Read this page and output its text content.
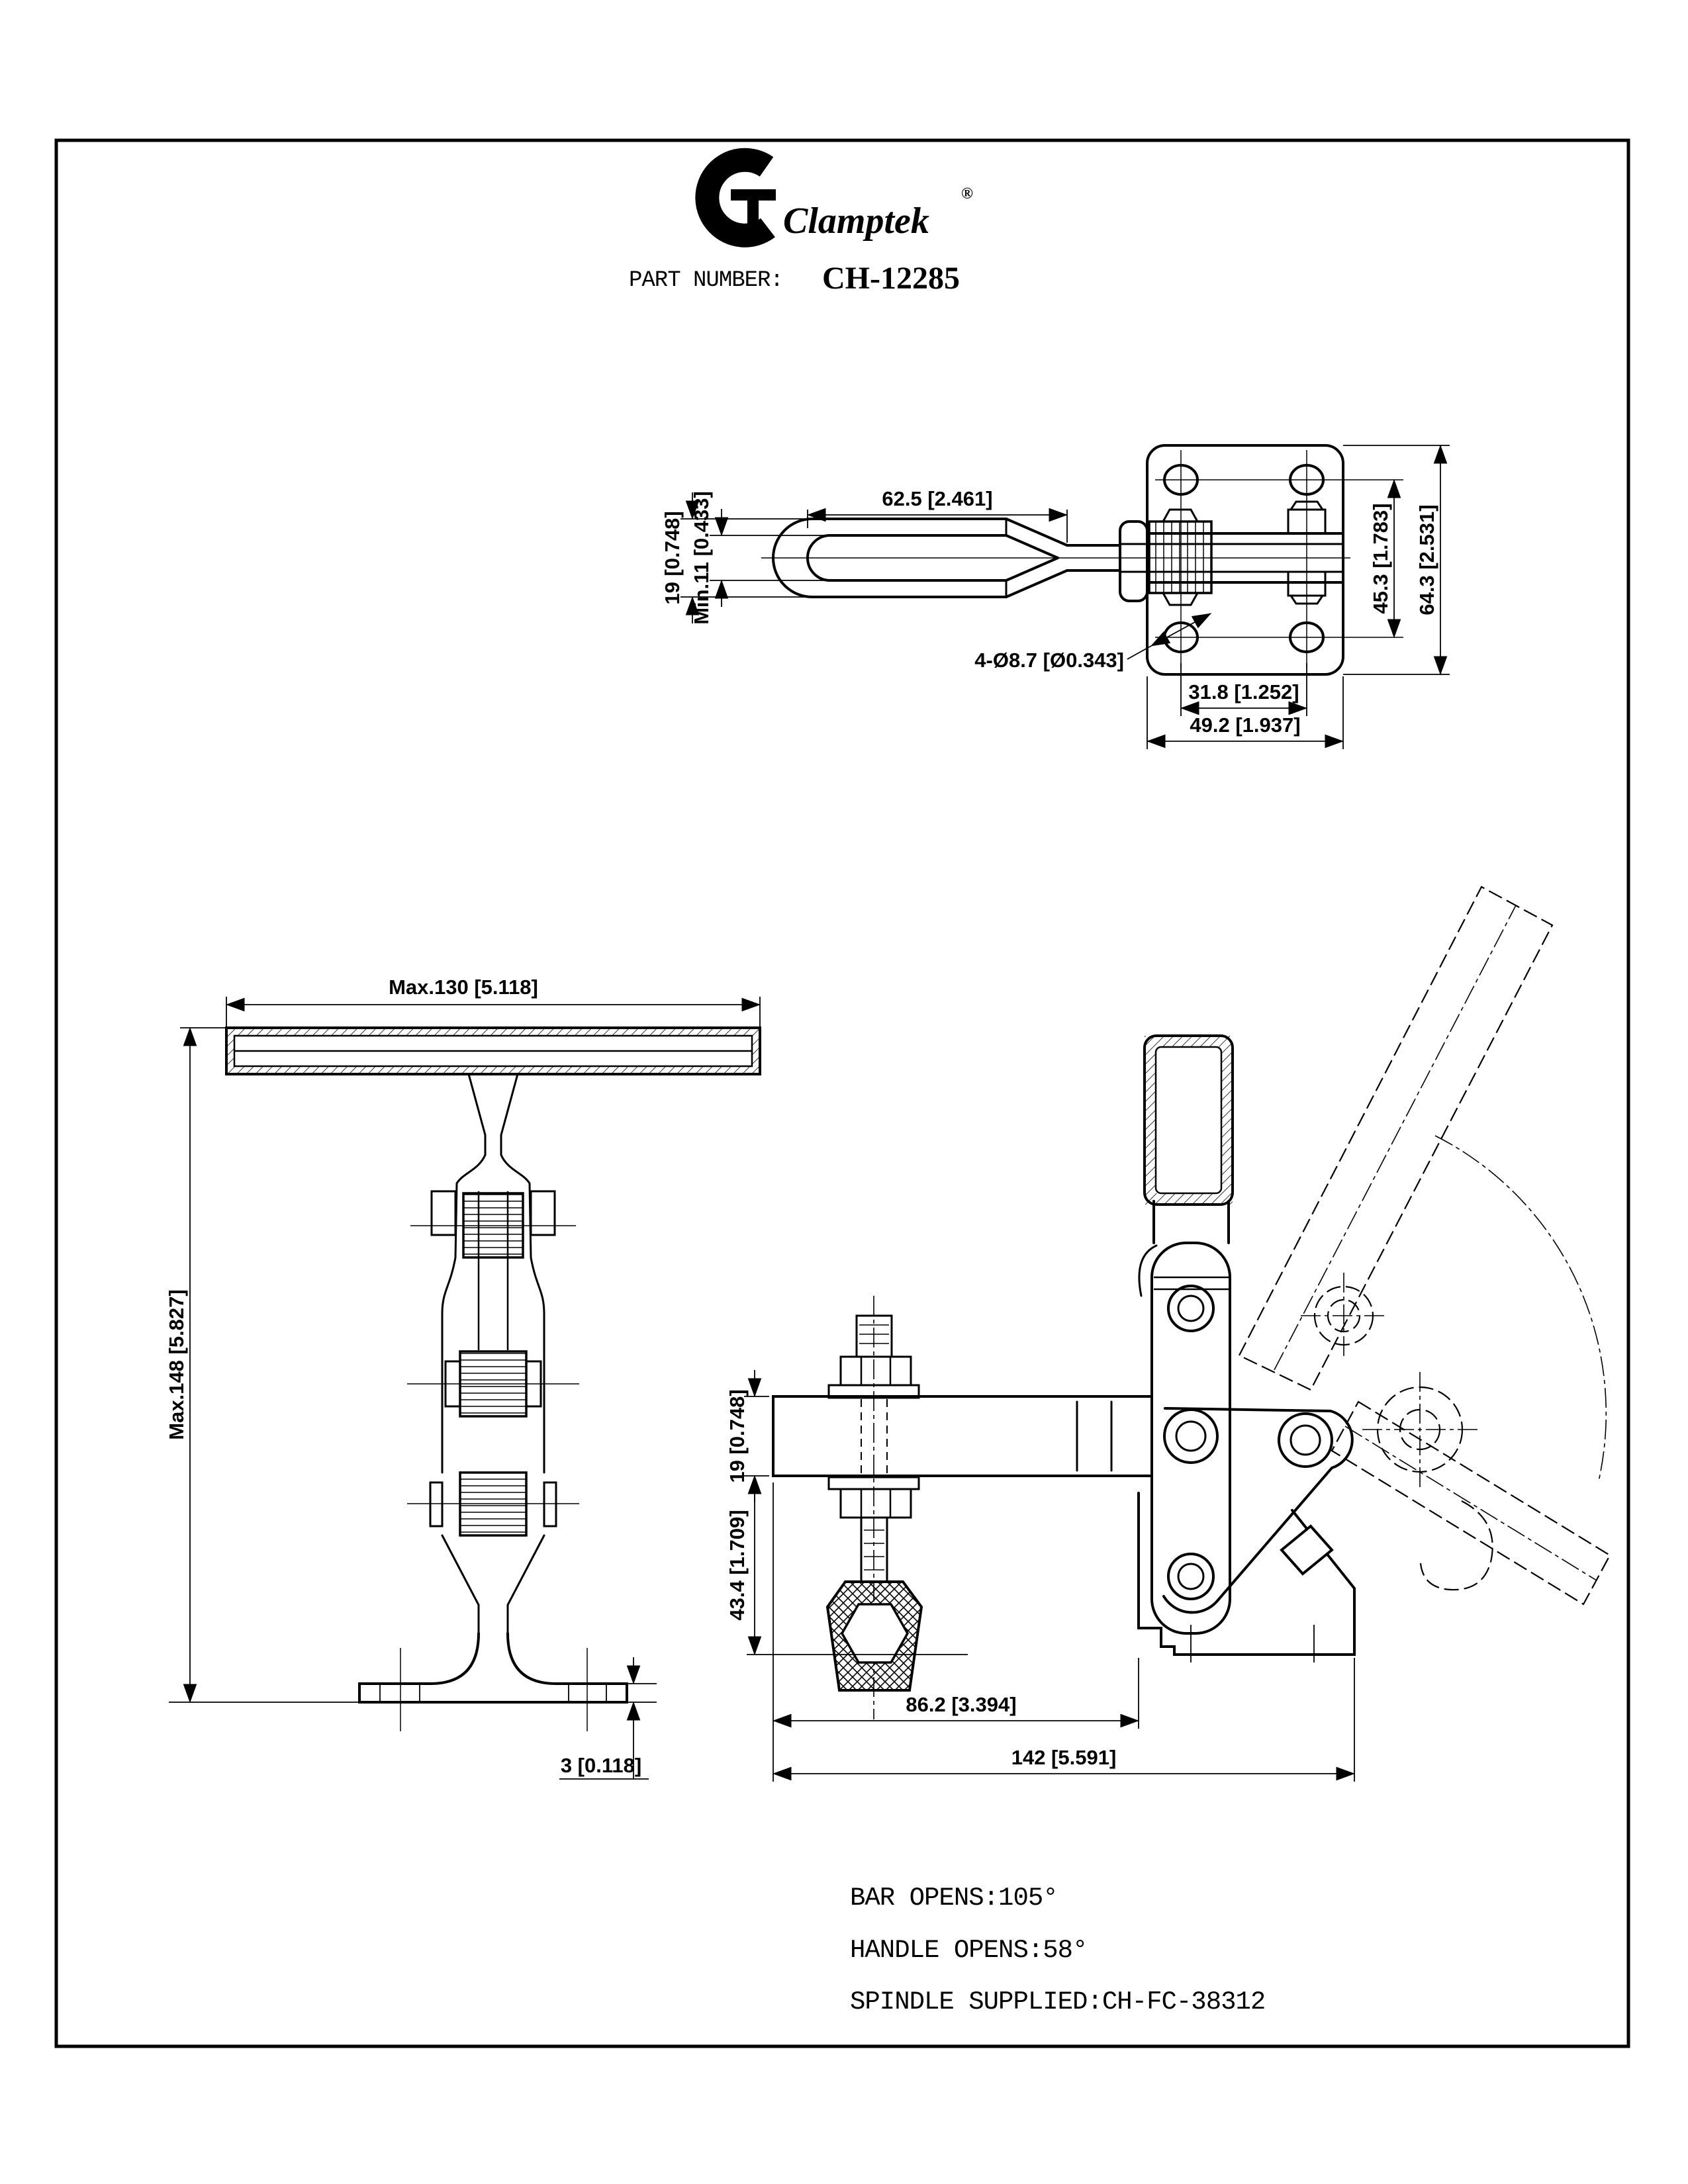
Clamptek
®
PART NUMBER: CH-12285
62.5 [2.461]
19 [0.748] Min.11 [0.433]	45.3 [1.783] 64.3 [2.531]
31.8 [1.252]
49.2 [1.937]
4-Ø8.7 [Ø0.343]
Max.130 [5.118]
Max.148 [5.827]
3 [0.118]
19 [0.748]
43.4 [1.709]
86.2 [3.394]
142 [5.591]
BAR OPENS:105°
HANDLE OPENS:58°
SPINDLE SUPPLIED:CH-FC-38312
